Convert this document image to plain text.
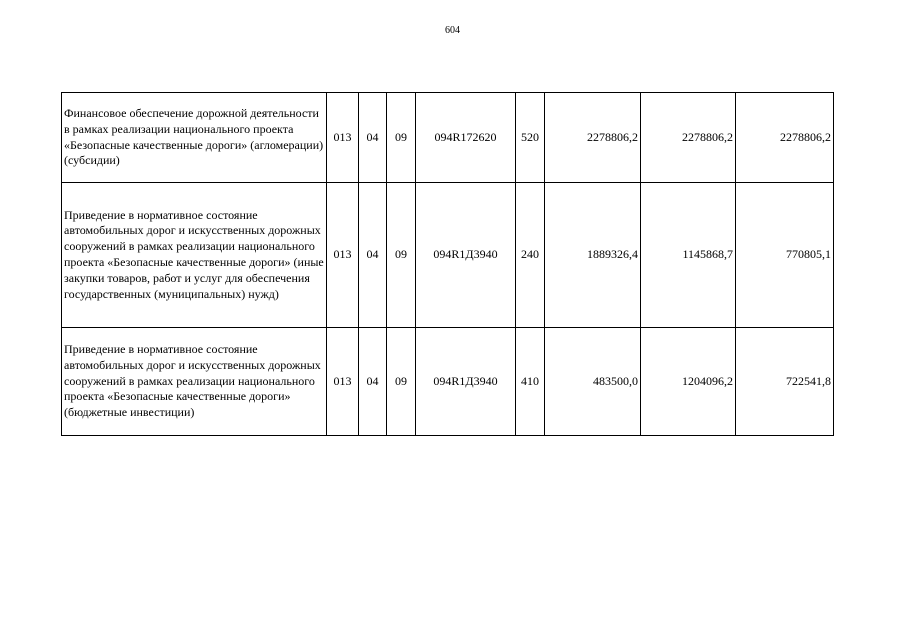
604
Финансовое обеспечение дорожной деятельности в рамках реализации национального проекта «Безопасные качественные дороги» (агломерации) (субсидии)	013	04	09	094R172620	520	2278806,2	2278806,2	2278806,2
Приведение в нормативное состояние автомобильных дорог и искусственных дорожных сооружений в рамках реализации национального проекта «Безопасные качественные дороги» (иные закупки товаров, работ и услуг для обеспечения государственных (муниципальных) нужд)	013	04	09	094R1Д3940	240	1889326,4	1145868,7	770805,1
Приведение в нормативное состояние автомобильных дорог и искусственных дорожных сооружений в рамках реализации национального проекта «Безопасные качественные дороги» (бюджетные инвестиции)	013	04	09	094R1Д3940	410	483500,0	1204096,2	722541,8
